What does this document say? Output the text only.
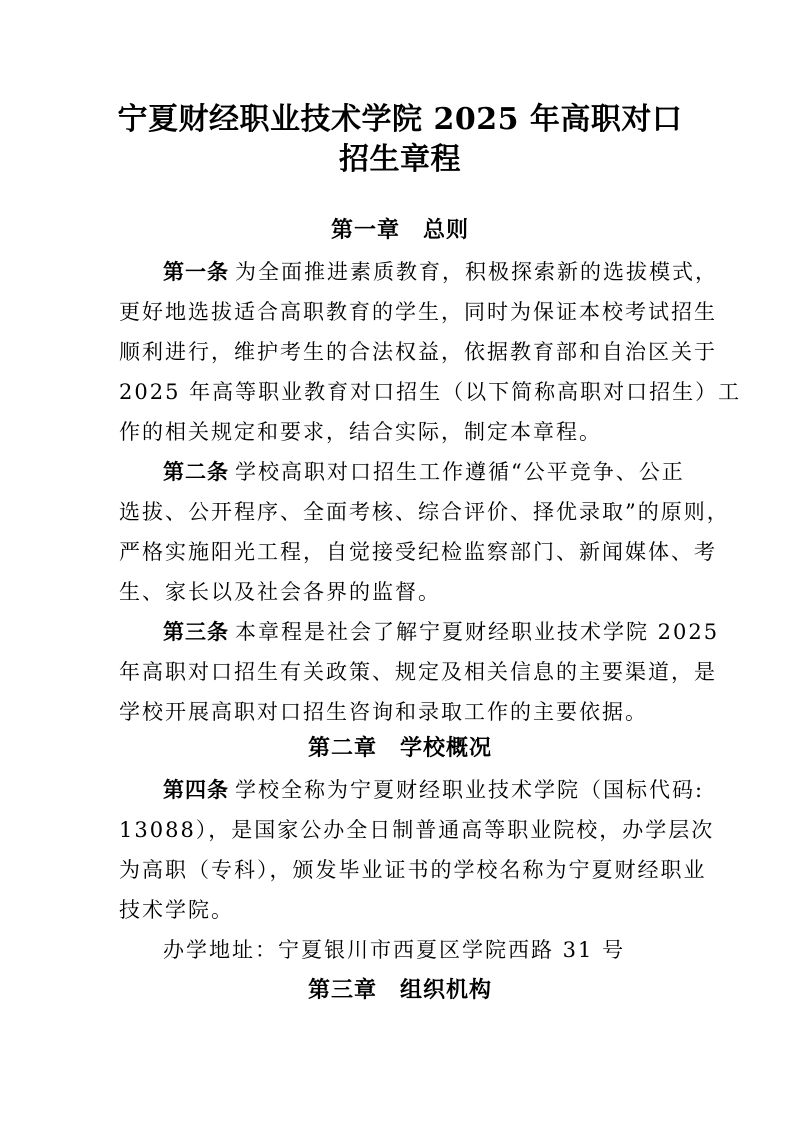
宁夏财经职业技术学院 2025 年高职对口
招生章程
第一章　总则
第一条 为全面推进素质教育，积极探索新的选拔模式，
更好地选拔适合高职教育的学生，同时为保证本校考试招生
顺利进行，维护考生的合法权益，依据教育部和自治区关于
2025 年高等职业教育对口招生（以下简称高职对口招生）工
作的相关规定和要求，结合实际，制定本章程。
第二条 学校高职对口招生工作遵循“公平竞争、公正
选拔、公开程序、全面考核、综合评价、择优录取”的原则，
严格实施阳光工程，自觉接受纪检监察部门、新闻媒体、考
生、家长以及社会各界的监督。
第三条 本章程是社会了解宁夏财经职业技术学院 2025
年高职对口招生有关政策、规定及相关信息的主要渠道，是
学校开展高职对口招生咨询和录取工作的主要依据。
第二章　学校概况
第四条 学校全称为宁夏财经职业技术学院（国标代码:
13088），是国家公办全日制普通高等职业院校，办学层次
为高职（专科），颁发毕业证书的学校名称为宁夏财经职业
技术学院。
办学地址：宁夏银川市西夏区学院西路 31 号
第三章　组织机构
